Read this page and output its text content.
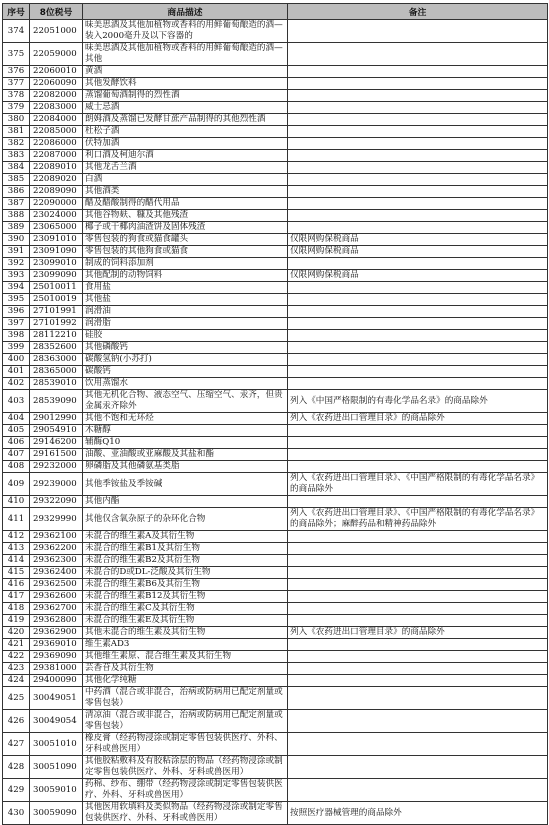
序号	8位税号	商品描述	备注
374	22051000	味美思酒及其他加植物或香料的用鲜葡萄酿造的酒—装入2000毫升及以下容器的	
375	22059000	味美思酒及其他加植物或香料的用鲜葡萄酿造的酒—其他	
376	22060010	黄酒	
377	22060090	其他发酵饮料	
378	22082000	蒸馏葡萄酒制得的烈性酒	
379	22083000	威士忌酒	
380	22084000	朗姆酒及蒸馏已发酵甘蔗产品制得的其他烈性酒	
381	22085000	杜松子酒	
382	22086000	伏特加酒	
383	22087000	利口酒及柯迪尔酒	
384	22089010	其他龙舌兰酒	
385	22089020	白酒	
386	22089090	其他酒类	
387	22090000	醋及醋酸制得的醋代用品	
388	23024000	其他谷物麸、糠及其他残渣	
389	23065000	椰子或干椰肉油渣饼及固体残渣	
390	23091010	零售包装的狗食或猫食罐头	仅限网购保税商品
391	23091090	零售包装的其他狗食或猫食	仅限网购保税商品
392	23099010	制成的饲料添加剂	
393	23099090	其他配制的动物饲料	仅限网购保税商品
394	25010011	食用盐	
395	25010019	其他盐	
396	27101991	润滑油	
397	27101992	润滑脂	
398	28112210	硅胶	
399	28352600	其他磷酸钙	
400	28363000	碳酸氢钠(小苏打)	
401	28365000	碳酸钙	
402	28539010	饮用蒸馏水	
403	28539090	其他无机化合物、液态空气、压缩空气、汞齐，但贵金属汞齐除外	列入《中国严格限制的有毒化学品名录》的商品除外
404	29012990	其他不饱和无环烃	列入《农药进出口管理目录》的商品除外
405	29054910	木糖醇	
406	29146200	辅酶Q10	
407	29161500	油酸、亚油酸或亚麻酸及其盐和酯	
408	29232000	卵磷脂及其他磷氨基类脂	
409	29239000	其他季铵盐及季铵碱	列入《农药进出口管理目录》、《中国严格限制的有毒化学品名录》的商品除外
410	29322090	其他内酯	
411	29329990	其他仅含氧杂原子的杂环化合物	列入《农药进出口管理目录》、《中国严格限制的有毒化学品名录》的商品除外；麻醉药品和精神药品除外
412	29362100	未混合的维生素A及其衍生物	
413	29362200	未混合的维生素B1及其衍生物	
414	29362300	未混合的维生素B2及其衍生物	
415	29362400	未混合的D或DL-泛酸及其衍生物	
416	29362500	未混合的维生素B6及其衍生物	
417	29362600	未混合的维生素B12及其衍生物	
418	29362700	未混合的维生素C及其衍生物	
419	29362800	未混合的维生素E及其衍生物	
420	29362900	其他未混合的维生素及其衍生物	列入《农药进出口管理目录》的商品除外
421	29369010	维生素AD3	
422	29369090	其他维生素原、混合维生素及其衍生物	
423	29381000	芸香苷及其衍生物	
424	29400090	其他化学纯糖	
425	30049051	中药酒（混合或非混合，治病或防病用已配定剂量或零售包装）	
426	30049054	清凉油（混合或非混合，治病或防病用已配定剂量或零售包装）	
427	30051010	橡皮膏（经药物浸涂或制定零售包装供医疗、外科、牙科或兽医用）	
428	30051090	其他胶粘敷料及有胶粘涂层的物品（经药物浸涂或制定零售包装供医疗、外科、牙科或兽医用）	
429	30059010	药棉、纱布、绷带（经药物浸涂或制定零售包装供医疗、外科、牙科或兽医用）	
430	30059090	其他医用软填料及类似物品（经药物浸涂或制定零售包装供医疗、外科、牙科或兽医用）	按照医疗器械管理的商品除外
